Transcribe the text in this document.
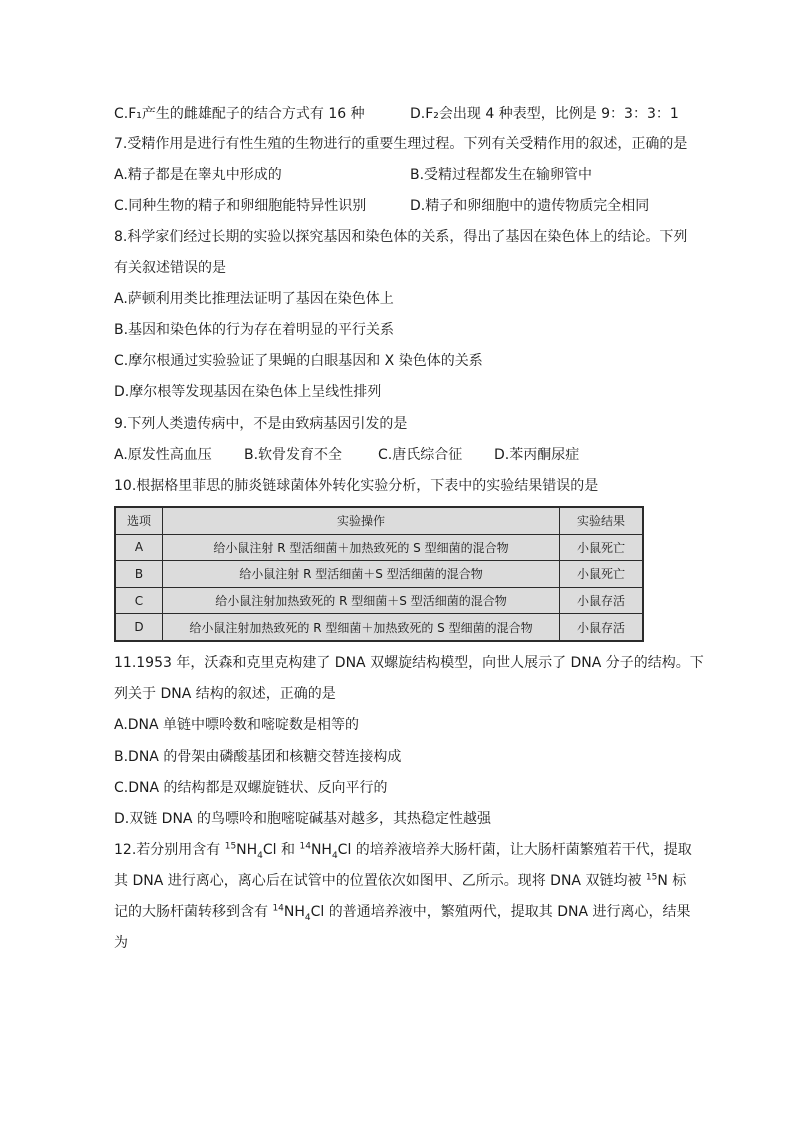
C.F₁产生的雌雄配子的结合方式有 16 种	D.F₂会出现 4 种表型，比例是 9：3：3：1
7.受精作用是进行有性生殖的生物进行的重要生理过程。下列有关受精作用的叙述，正确的是
A.精子都是在睾丸中形成的	B.受精过程都发生在输卵管中
C.同种生物的精子和卵细胞能特异性识别	D.精子和卵细胞中的遗传物质完全相同
8.科学家们经过长期的实验以探究基因和染色体的关系，得出了基因在染色体上的结论。下列
有关叙述错误的是
A.萨顿利用类比推理法证明了基因在染色体上
B.基因和染色体的行为存在着明显的平行关系
C.摩尔根通过实验验证了果蝇的白眼基因和 X 染色体的关系
D.摩尔根等发现基因在染色体上呈线性排列
9.下列人类遗传病中，不是由致病基因引发的是
A.原发性高血压 B.软骨发育不全	C.唐氏综合征 D.苯丙酮尿症
10.根据格里菲思的肺炎链球菌体外转化实验分析，下表中的实验结果错误的是
选项	实验操作	实验结果
A	给小鼠注射 R 型活细菌＋加热致死的 S 型细菌的混合物	小鼠死亡
B	给小鼠注射 R 型活细菌＋S 型活细菌的混合物	小鼠死亡
C	给小鼠注射加热致死的 R 型细菌＋S 型活细菌的混合物	小鼠存活
D	给小鼠注射加热致死的 R 型细菌＋加热致死的 S 型细菌的混合物	小鼠存活
11.1953 年，沃森和克里克构建了 DNA 双螺旋结构模型，向世人展示了 DNA 分子的结构。下
列关于 DNA 结构的叙述，正确的是
A.DNA 单链中嘌呤数和嘧啶数是相等的
B.DNA 的骨架由磷酸基团和核糖交替连接构成
C.DNA 的结构都是双螺旋链状、反向平行的
D.双链 DNA 的鸟嘌呤和胞嘧啶碱基对越多，其热稳定性越强
12.若分别用含有 $^{15}NH_4Cl$ 和 $^{14}NH_4Cl$ 的培养液培养大肠杆菌，让大肠杆菌繁殖若干代，提取
其 DNA 进行离心，离心后在试管中的位置依次如图甲、乙所示。现将 DNA 双链均被 $^{15}$N 标
记的大肠杆菌转移到含有 $^{14}NH_4Cl$ 的普通培养液中，繁殖两代，提取其 DNA 进行离心，结果
为
